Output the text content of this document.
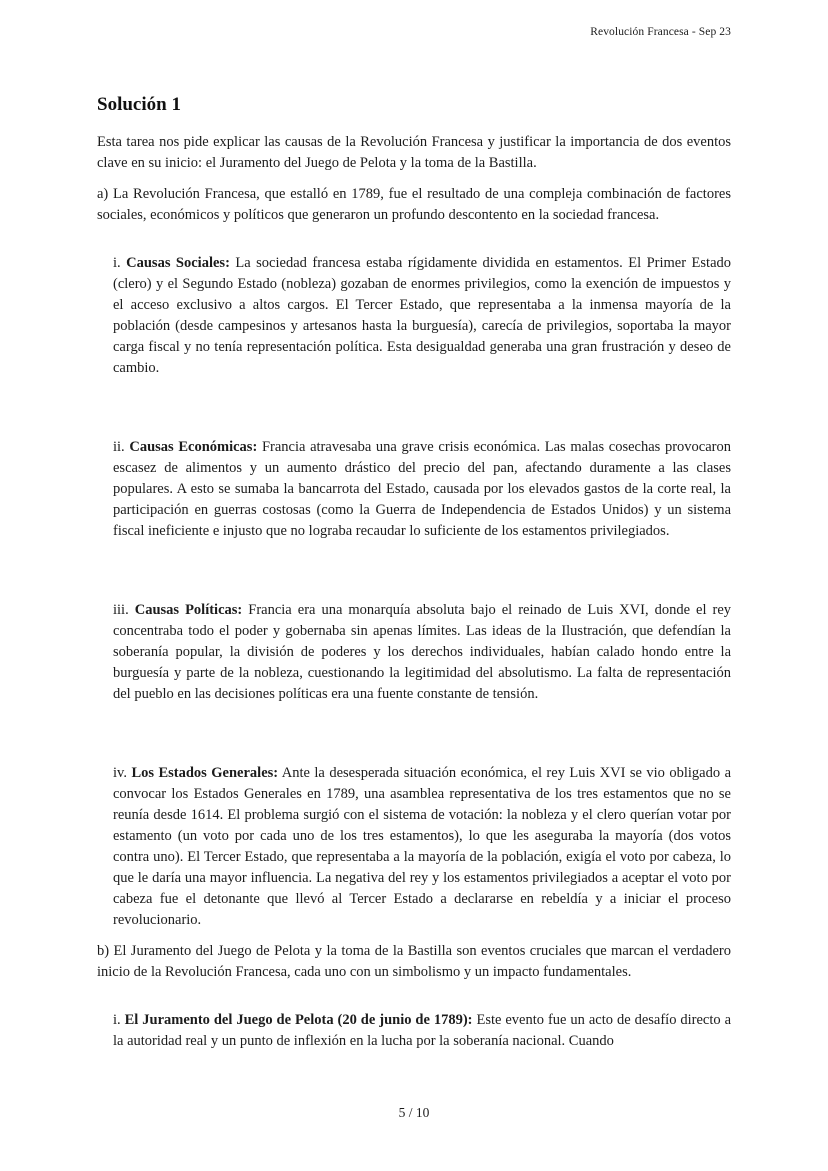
Revolución Francesa - Sep 23
Solución 1

Esta tarea nos pide explicar las causas de la Revolución Francesa y justificar la importancia de dos eventos clave en su inicio: el Juramento del Juego de Pelota y la toma de la Bastilla.

a) La Revolución Francesa, que estalló en 1789, fue el resultado de una compleja combinación de factores sociales, económicos y políticos que generaron un profundo descontento en la sociedad francesa.

i. Causas Sociales: La sociedad francesa estaba rígidamente dividida en estamentos. El Primer Estado (clero) y el Segundo Estado (nobleza) gozaban de enormes privilegios, como la exención de impuestos y el acceso exclusivo a altos cargos. El Tercer Estado, que representaba a la inmensa mayoría de la población (desde campesinos y artesanos hasta la burguesía), carecía de privilegios, soportaba la mayor carga fiscal y no tenía representación política. Esta desigualdad generaba una gran frustración y deseo de cambio.
ii. Causas Económicas: Francia atravesaba una grave crisis económica. Las malas cosechas provocaron escasez de alimentos y un aumento drástico del precio del pan, afectando duramente a las clases populares. A esto se sumaba la bancarrota del Estado, causada por los elevados gastos de la corte real, la participación en guerras costosas (como la Guerra de Independencia de Estados Unidos) y un sistema fiscal ineficiente e injusto que no lograba recaudar lo suficiente de los estamentos privilegiados.
iii. Causas Políticas: Francia era una monarquía absoluta bajo el reinado de Luis XVI, donde el rey concentraba todo el poder y gobernaba sin apenas límites. Las ideas de la Ilustración, que defendían la soberanía popular, la división de poderes y los derechos individuales, habían calado hondo entre la burguesía y parte de la nobleza, cuestionando la legitimidad del absolutismo. La falta de representación del pueblo en las decisiones políticas era una fuente constante de tensión.
iv. Los Estados Generales: Ante la desesperada situación económica, el rey Luis XVI se vio obligado a convocar los Estados Generales en 1789, una asamblea representativa de los tres estamentos que no se reunía desde 1614. El problema surgió con el sistema de votación: la nobleza y el clero querían votar por estamento (un voto por cada uno de los tres estamentos), lo que les aseguraba la mayoría (dos votos contra uno). El Tercer Estado, que representaba a la mayoría de la población, exigía el voto por cabeza, lo que le daría una mayor influencia. La negativa del rey y los estamentos privilegiados a aceptar el voto por cabeza fue el detonante que llevó al Tercer Estado a declararse en rebeldía y a iniciar el proceso revolucionario.

b) El Juramento del Juego de Pelota y la toma de la Bastilla son eventos cruciales que marcan el verdadero inicio de la Revolución Francesa, cada uno con un simbolismo y un impacto fundamentales.

i. El Juramento del Juego de Pelota (20 de junio de 1789): Este evento fue un acto de desafío directo a la autoridad real y un punto de inflexión en la lucha por la soberanía nacional. Cuando
5 / 10
